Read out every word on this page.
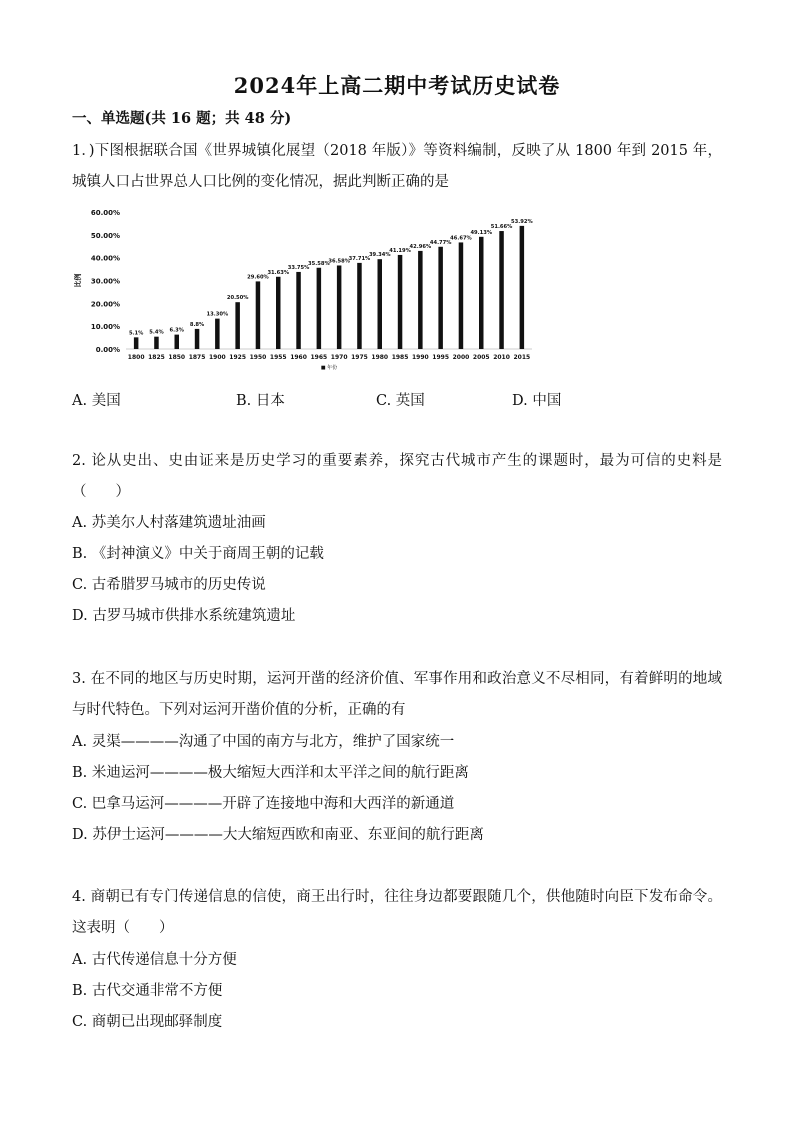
2024年上高二期中考试历史试卷
一、单选题(共 16 题；共 48 分)
1．)下图根据联合国《世界城镇化展望（2018 年版）》等资料编制，反映了从 1800 年到 2015 年，城镇人口占世界总人口比例的变化情况，据此判断正确的是
0.00%
10.00%
20.00%
30.00%
40.00%
50.00%
60.00%
比例
5.1%
1800
5.4%
1825
6.3%
1850
8.8%
1875
13.30%
1900
20.50%
1925
29.60%
1950
31.63%
1955
33.75%
1960
35.58%
1965
36.58%
1970
37.71%
1975
39.34%
1980
41.19%
1985
42.96%
1990
44.77%
1995
46.67%
2000
49.13%
2005
51.66%
2010
53.92%
2015
■ 年份
A. 美国	B. 日本	C. 英国	D. 中国
2. 论从史出、史由证来是历史学习的重要素养，探究古代城市产生的课题时，最为可信的史料是（　　）
A. 苏美尔人村落建筑遗址油画
B. 《封神演义》中关于商周王朝的记载
C. 古希腊罗马城市的历史传说
D. 古罗马城市供排水系统建筑遗址
3. 在不同的地区与历史时期，运河开凿的经济价值、军事作用和政治意义不尽相同，有着鲜明的地域与时代特色。下列对运河开凿价值的分析，正确的有
A. 灵渠————沟通了中国的南方与北方，维护了国家统一
B. 米迪运河————极大缩短大西洋和太平洋之间的航行距离
C. 巴拿马运河————开辟了连接地中海和大西洋的新通道
D. 苏伊士运河————大大缩短西欧和南亚、东亚间的航行距离
4. 商朝已有专门传递信息的信使，商王出行时，往往身边都要跟随几个，供他随时向臣下发布命令。这表明（　　）
A. 古代传递信息十分方便
B. 古代交通非常不方便
C. 商朝已出现邮驿制度
